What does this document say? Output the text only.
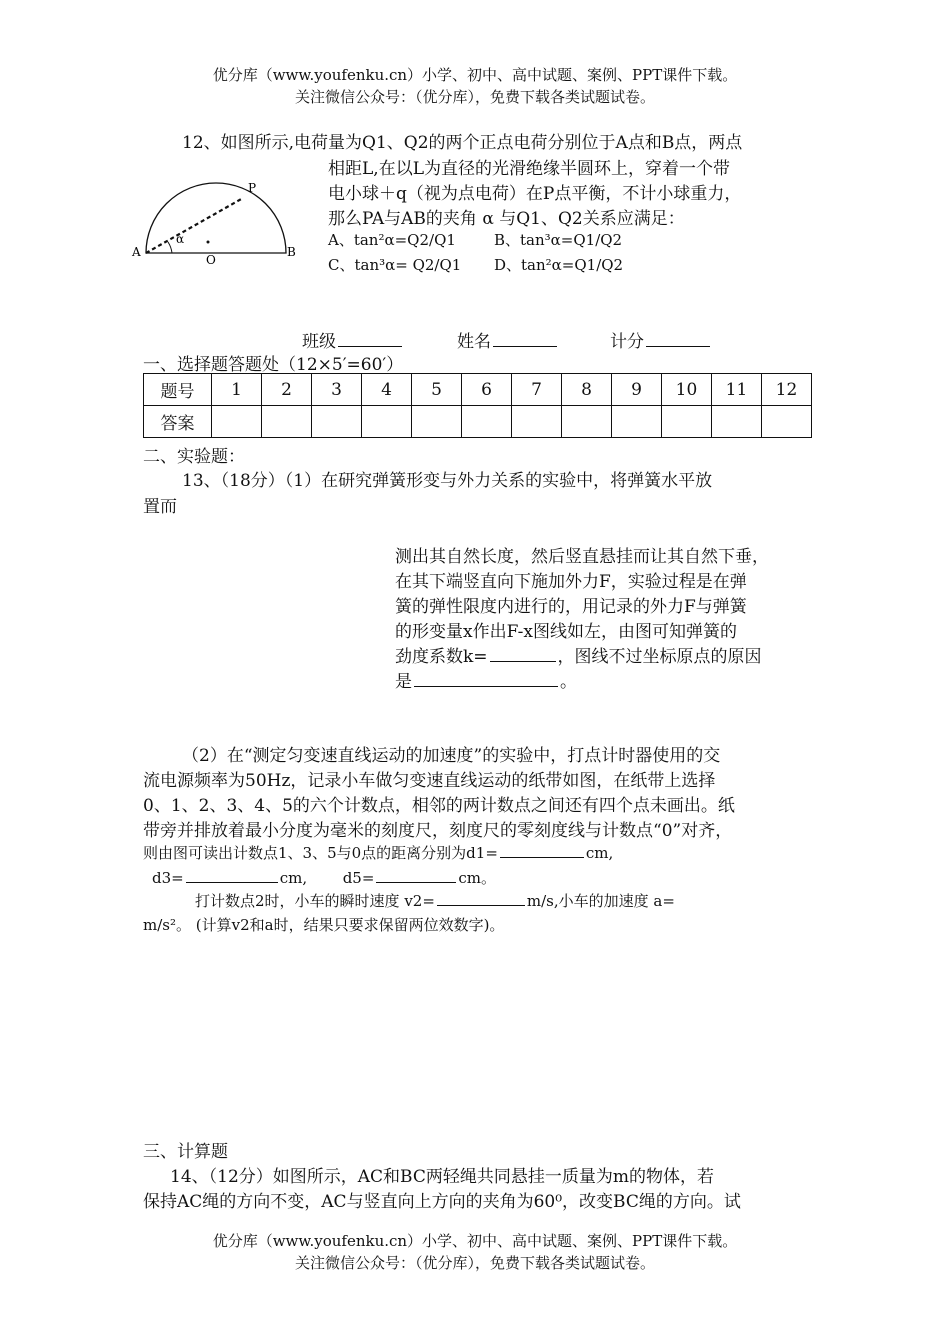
优分库（www.youfenku.cn）小学、初中、高中试题、案例、PPT课件下载。
关注微信公众号：（优分库），免费下载各类试题试卷。
12、如图所示,电荷量为Q1、Q2的两个正点电荷分别位于A点和B点，两点
相距L,在以L为直径的光滑绝缘半圆环上，穿着一个带
电小球＋q（视为点电荷）在P点平衡，不计小球重力，
那么PA与AB的夹角 α 与Q1、Q2关系应满足：
A、tan²α=Q2/Q1	B、tan³α=Q1/Q2
C、tan³α= Q2/Q1 D、tan²α=Q1/Q2
A	B
O
P
α
班级	姓名	计分
一、选择题答题处（12×5′=60′）
题号	1	2	3	4	5	6	7	8	9	10	11	12
答案												
二、实验题：
13、（18分）（1）在研究弹簧形变与外力关系的实验中，将弹簧水平放
置而
测出其自然长度，然后竖直悬挂而让其自然下垂，
在其下端竖直向下施加外力F，实验过程是在弹
簧的弹性限度内进行的，用记录的外力F与弹簧
的形变量x作出F-x图线如左，由图可知弹簧的
劲度系数k=	，图线不过坐标原点的原因
是	。
（2）在“测定匀变速直线运动的加速度”的实验中，打点计时器使用的交
流电源频率为50Hz，记录小车做匀变速直线运动的纸带如图，在纸带上选择
0、1、2、3、4、5的六个计数点，相邻的两计数点之间还有四个点未画出。纸
带旁并排放着最小分度为毫米的刻度尺，刻度尺的零刻度线与计数点“0”对齐，
则由图可读出计数点1、3、5与0点的距离分别为d1=	cm,
d3=	cm, d5=	cm。
打计数点2时，小车的瞬时速度 v2=	m/s,小车的加速度 a=
m/s²。 (计算v2和a时，结果只要求保留两位效数字)。
三、计算题
14、（12分）如图所示，AC和BC两轻绳共同悬挂一质量为m的物体，若
保持AC绳的方向不变，AC与竖直向上方向的夹角为60⁰，改变BC绳的方向。试
优分库（www.youfenku.cn）小学、初中、高中试题、案例、PPT课件下载。
关注微信公众号：（优分库），免费下载各类试题试卷。
